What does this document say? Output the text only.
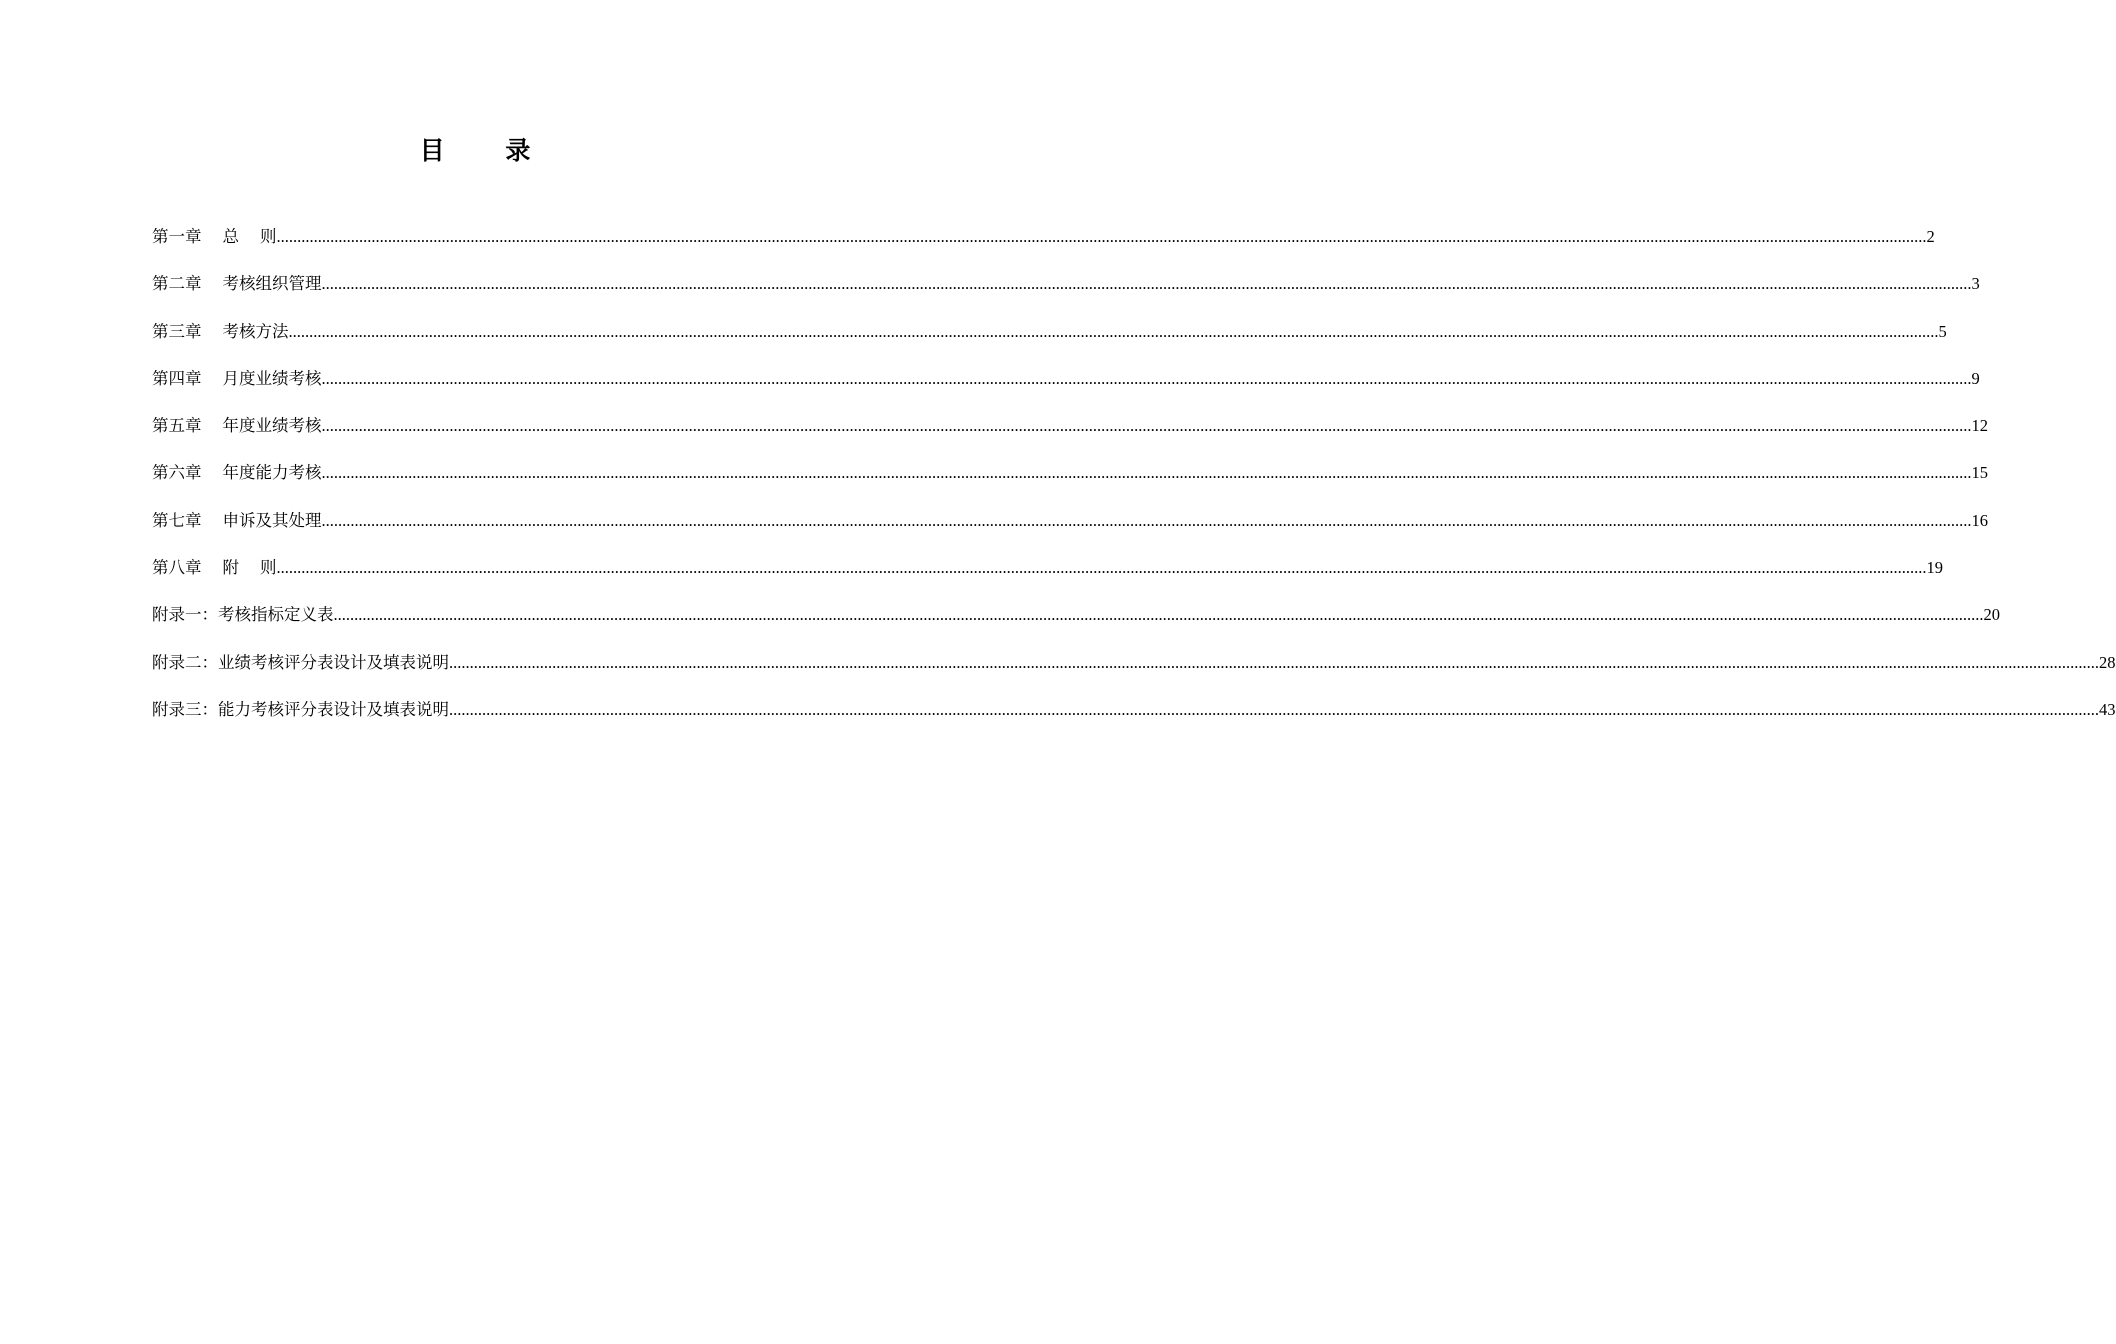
目 录
第一章    总    则 ................................................................................................................................................................................................................................................................................................................................................................................................................ 2
第二章    考核组织管理 ................................................................................................................................................................................................................................................................................................................................................................................................................ 3
第三章    考核方法 ................................................................................................................................................................................................................................................................................................................................................................................................................ 5
第四章    月度业绩考核 ................................................................................................................................................................................................................................................................................................................................................................................................................ 9
第五章    年度业绩考核 ................................................................................................................................................................................................................................................................................................................................................................................................................ 12
第六章    年度能力考核 ................................................................................................................................................................................................................................................................................................................................................................................................................ 15
第七章    申诉及其处理 ................................................................................................................................................................................................................................................................................................................................................................................................................ 16
第八章    附    则 ................................................................................................................................................................................................................................................................................................................................................................................................................ 19
附录一：考核指标定义表 ................................................................................................................................................................................................................................................................................................................................................................................................................ 20
附录二：业绩考核评分表设计及填表说明 ................................................................................................................................................................................................................................................................................................................................................................................................................ 28
附录三：能力考核评分表设计及填表说明 ................................................................................................................................................................................................................................................................................................................................................................................................................ 43
